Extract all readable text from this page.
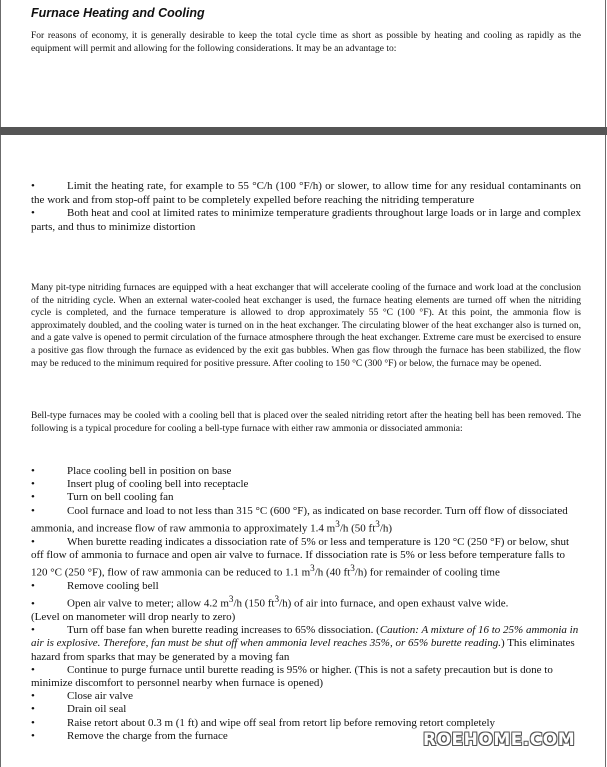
Furnace Heating and Cooling

For reasons of economy, it is generally desirable to keep the total cycle time as short as possible by heating and cooling as rapidly as the equipment will permit and allowing for the following considerations. It may be an advantage to:

•	Limit the heating rate, for example to 55 °C/h (100 °F/h) or slower, to allow time for any residual contaminants on the work and from stop-off paint to be completely expelled before reaching the nitriding temperature

•	Both heat and cool at limited rates to minimize temperature gradients throughout large loads or in large and complex parts, and thus to minimize distortion

Many pit-type nitriding furnaces are equipped with a heat exchanger that will accelerate cooling of the furnace and work load at the conclusion of the nitriding cycle. When an external water-cooled heat exchanger is used, the furnace heating elements are turned off when the nitriding cycle is completed, and the furnace temperature is allowed to drop approximately 55 °C (100 °F). At this point, the ammonia flow is approximately doubled, and the cooling water is turned on in the heat exchanger. The circulating blower of the heat exchanger also is turned on, and a gate valve is opened to permit circulation of the furnace atmosphere through the heat exchanger. Extreme care must be exercised to ensure a positive gas flow through the furnace as evidenced by the exit gas bubbles. When gas flow through the furnace has been stabilized, the flow may be reduced to the minimum required for positive pressure. After cooling to 150 °C (300 °F) or below, the furnace may be opened.

Bell-type furnaces may be cooled with a cooling bell that is placed over the sealed nitriding retort after the heating bell has been removed. The following is a typical procedure for cooling a bell-type furnace with either raw ammonia or dissociated ammonia:

•	Place cooling bell in position on base

•	Insert plug of cooling bell into receptacle

•	Turn on bell cooling fan

•	Cool furnace and load to not less than 315 °C (600 °F), as indicated on base recorder. Turn off flow of dissociated ammonia, and increase flow of raw ammonia to approximately 1.4 $m^3/h$ (50 $ft^3/h$)

•	When burette reading indicates a dissociation rate of 5% or less and temperature is 120 °C (250 °F) or below, shut off flow of ammonia to furnace and open air valve to furnace. If dissociation rate is 5% or less before temperature falls to 120 °C (250 °F), flow of raw ammonia can be reduced to 1.1 $m^3/h$ (40 $ft^3/h$) for remainder of cooling time

•	Remove cooling bell

•	Open air valve to meter; allow 4.2 $m^3/h$ (150 $ft^3/h$) of air into furnace, and open exhaust valve wide.

(Level on manometer will drop nearly to zero)

•	Turn off base fan when burette reading increases to 65% dissociation. (Caution: A mixture of 16 to 25% ammonia in air is explosive. Therefore, fan must be shut off when ammonia level reaches 35%, or 65% burette reading.) This eliminates hazard from sparks that may be generated by a moving fan

•	Continue to purge furnace until burette reading is 95% or higher. (This is not a safety precaution but is done to minimize discomfort to personnel nearby when furnace is opened)

•	Close air valve

•	Drain oil seal

•	Raise retort about 0.3 m (1 ft) and wipe off seal from retort lip before removing retort completely

•	Remove the charge from the furnace	ROEHOME.COM
